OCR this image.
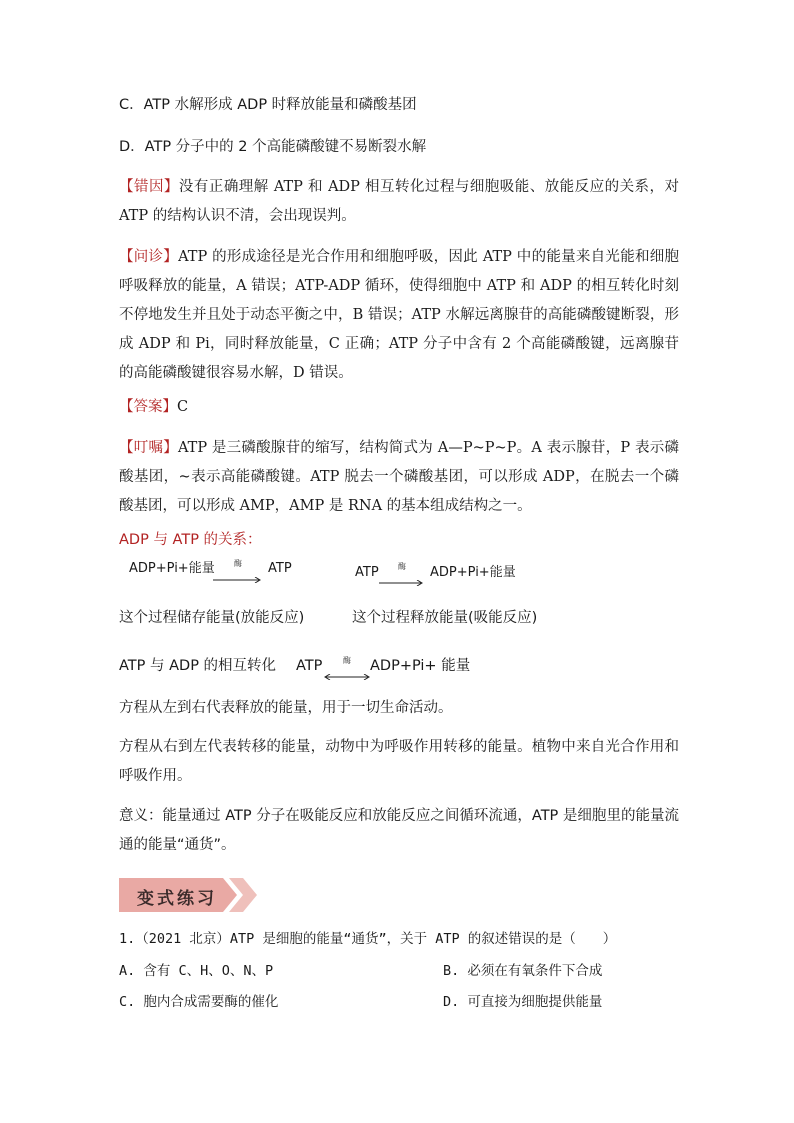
C．ATP 水解形成 ADP 时释放能量和磷酸基团
D．ATP 分子中的 2 个高能磷酸键不易断裂水解
【错因】没有正确理解 ATP 和 ADP 相互转化过程与细胞吸能、放能反应的关系，对 ATP 的结构认识不清，会出现误判。
【问诊】ATP 的形成途径是光合作用和细胞呼吸，因此 ATP 中的能量来自光能和细胞呼吸释放的能量，A 错误；ATP-ADP 循环，使得细胞中 ATP 和 ADP 的相互转化时刻不停地发生并且处于动态平衡之中，B 错误；ATP 水解远离腺苷的高能磷酸键断裂，形成 ADP 和 Pi，同时释放能量，C 正确；ATP 分子中含有 2 个高能磷酸键，远离腺苷的高能磷酸键很容易水解，D 错误。
【答案】C
【叮嘱】ATP 是三磷酸腺苷的缩写，结构简式为 A—P~P~P。A 表示腺苷，P 表示磷酸基团，~表示高能磷酸键。ATP 脱去一个磷酸基团，可以形成 ADP，在脱去一个磷酸基团，可以形成 AMP，AMP 是 RNA 的基本组成结构之一。
ADP 与 ATP 的关系：
ADP+Pi+能量 酶 ATP	ATP 酶 ADP+Pi+能量
这个过程储存能量(放能反应)	这个过程释放能量(吸能反应)
ATP 与 ADP 的相互转化 ATP	酶 ADP+Pi+ 能量
方程从左到右代表释放的能量，用于一切生命活动。
方程从右到左代表转移的能量，动物中为呼吸作用转移的能量。植物中来自光合作用和呼吸作用。
意义：能量通过 ATP 分子在吸能反应和放能反应之间循环流通，ATP 是细胞里的能量流通的能量“通货”。
变式练习
1.（2021 北京）ATP 是细胞的能量“通货”，关于 ATP 的叙述错误的是（　　）
A. 含有 C、H、O、N、P	B. 必须在有氧条件下合成
C. 胞内合成需要酶的催化	D. 可直接为细胞提供能量
